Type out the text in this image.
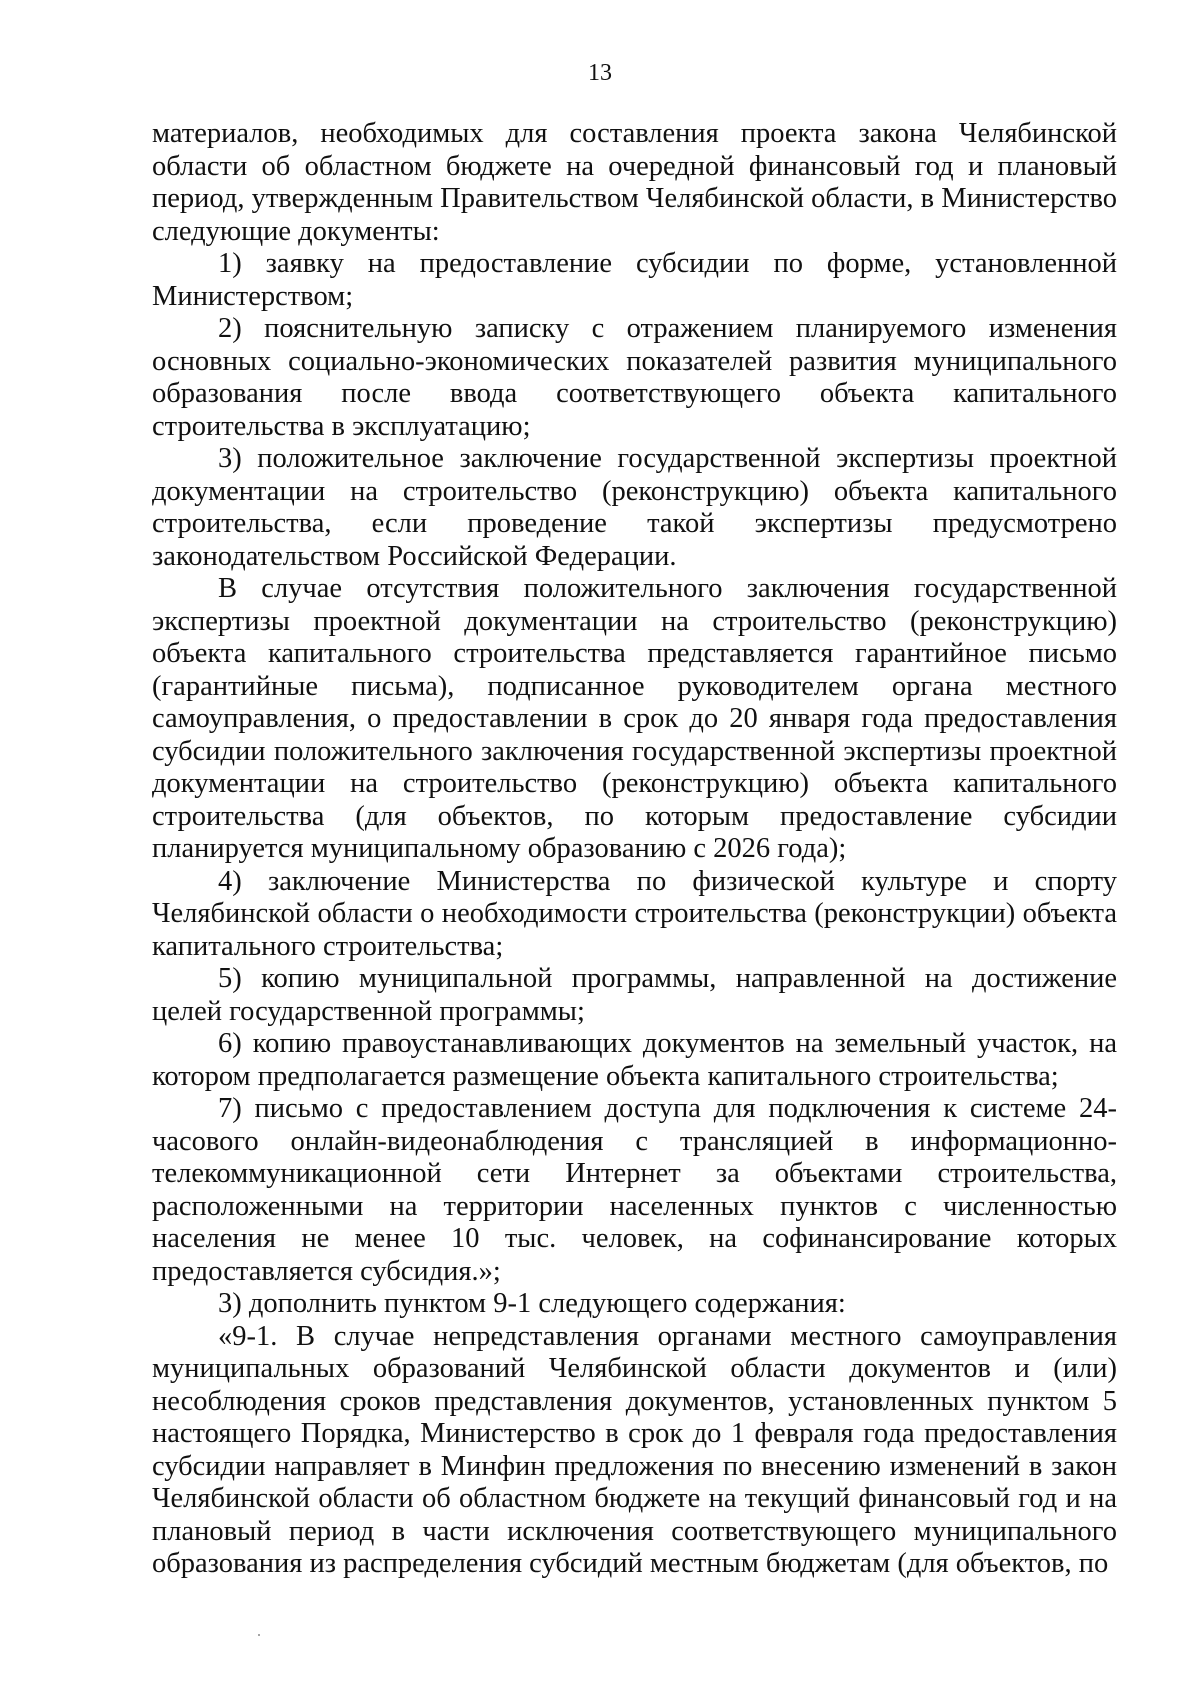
13

материалов, необходимых для составления проекта закона Челябинской области об областном бюджете на очередной финансовый год и плановый период, утвержденным Правительством Челябинской области, в Министерство следующие документы:

1) заявку на предоставление субсидии по форме, установленной Министерством;

2) пояснительную записку с отражением планируемого изменения основных социально-экономических показателей развития муниципального образования после ввода соответствующего объекта капитального строительства в эксплуатацию;

3) положительное заключение государственной экспертизы проектной документации на строительство (реконструкцию) объекта капитального строительства, если проведение такой экспертизы предусмотрено законодательством Российской Федерации.

В случае отсутствия положительного заключения государственной экспертизы проектной документации на строительство (реконструкцию) объекта капитального строительства представляется гарантийное письмо (гарантийные письма), подписанное руководителем органа местного самоуправления, о предоставлении в срок до 20 января года предоставления субсидии положительного заключения государственной экспертизы проектной документации на строительство (реконструкцию) объекта капитального строительства (для объектов, по которым предоставление субсидии планируется муниципальному образованию с 2026 года);

4) заключение Министерства по физической культуре и спорту Челябинской области о необходимости строительства (реконструкции) объекта капитального строительства;

5) копию муниципальной программы, направленной на достижение целей государственной программы;

6) копию правоустанавливающих документов на земельный участок, на котором предполагается размещение объекта капитального строительства;

7) письмо с предоставлением доступа для подключения к системе 24-часового онлайн-видеонаблюдения с трансляцией в информационно-телекоммуникационной сети Интернет за объектами строительства, расположенными на территории населенных пунктов с численностью населения не менее 10 тыс. человек, на софинансирование которых предоставляется субсидия.»;

3) дополнить пунктом 9-1 следующего содержания:

«9-1. В случае непредставления органами местного самоуправления муниципальных образований Челябинской области документов и (или) несоблюдения сроков представления документов, установленных пунктом 5 настоящего Порядка, Министерство в срок до 1 февраля года предоставления субсидии направляет в Минфин предложения по внесению изменений в закон Челябинской области об областном бюджете на текущий финансовый год и на плановый период в части исключения соответствующего муниципального образования из распределения субсидий местным бюджетам (для объектов, по
